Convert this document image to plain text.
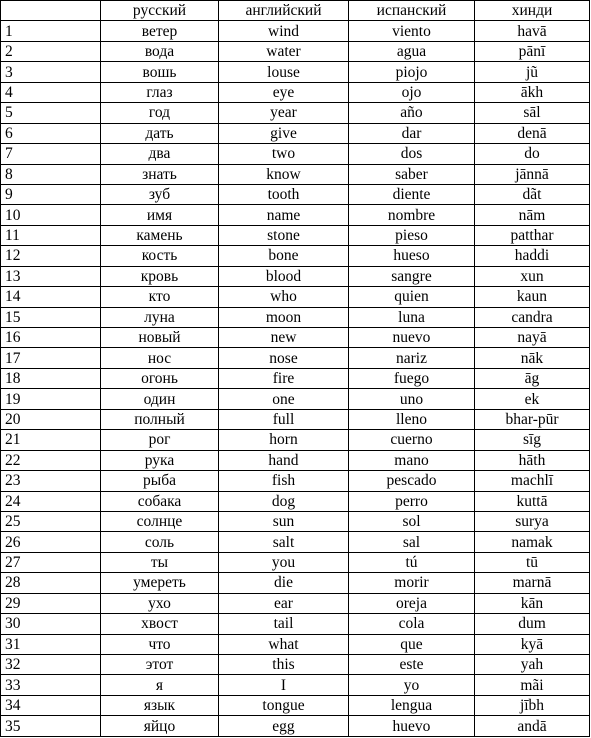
	русский	английский	испанский	хинди
1	ветер	wind	viento	havā
2	вода	water	agua	pānī
3	вошь	louse	piojo	jũ
4	глаз	eye	ojo	ākh
5	год	year	año	sāl
6	дать	give	dar	denā
7	два	two	dos	do
8	знать	know	saber	jānnā
9	зуб	tooth	diente	dãt
10	имя	name	nombre	nām
11	камень	stone	pieso	patthar
12	кость	bone	hueso	haddi
13	кровь	blood	sangre	xun
14	кто	who	quien	kaun
15	луна	moon	luna	candra
16	новый	new	nuevo	nayā
17	нос	nose	nariz	nāk
18	огонь	fire	fuego	āg
19	один	one	uno	ek
20	полный	full	lleno	bhar-pūr
21	рог	horn	cuerno	sīg
22	рука	hand	mano	hāth
23	рыба	fish	pescado	machlī
24	собака	dog	perro	kuttā
25	солнце	sun	sol	surya
26	соль	salt	sal	namak
27	ты	you	tú	tū
28	умереть	die	morir	marnā
29	ухо	ear	oreja	kān
30	хвост	tail	cola	dum
31	что	what	que	kyā
32	этот	this	este	yah
33	я	I	yo	mãi
34	язык	tongue	lengua	jībh
35	яйцо	egg	huevo	andā
